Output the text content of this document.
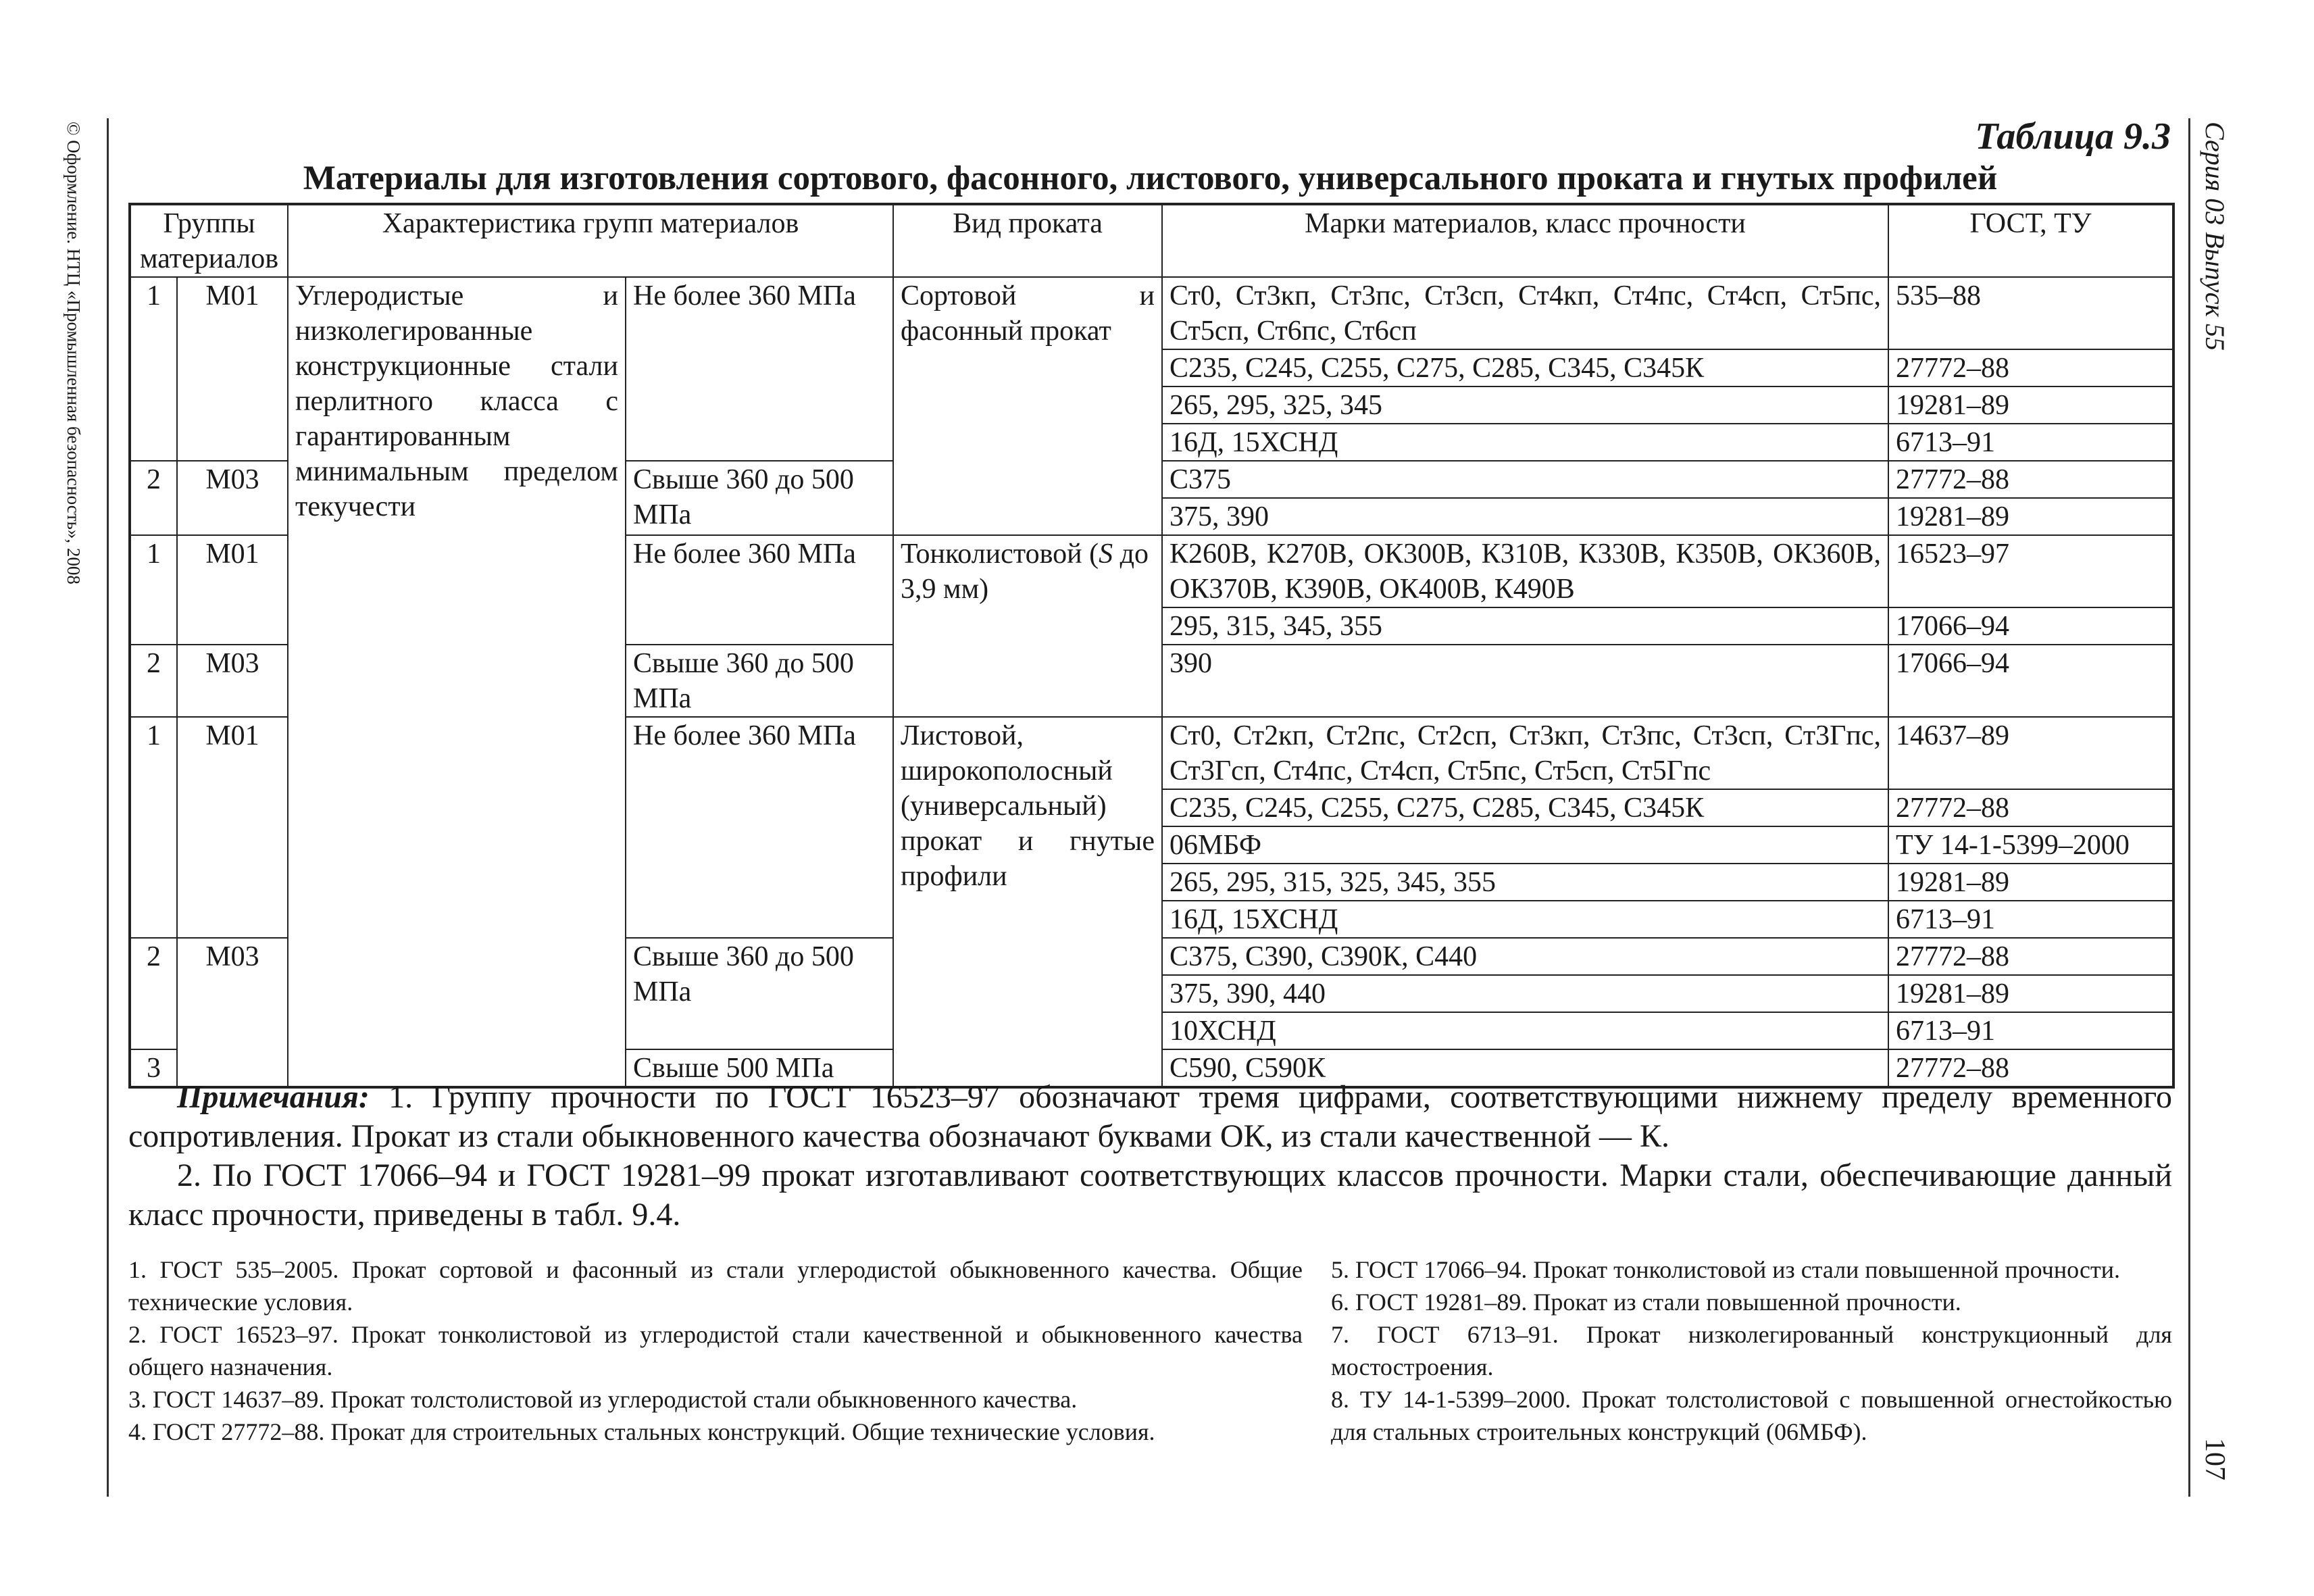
© Оформление. НТЦ «Промышленная безопасность», 2008	Серия 03 Выпуск 55
107
Таблица 9.3
Материалы для изготовления сортового, фасонного, листового, универсального проката и гнутых профилей
Группы материалов		Характеристика групп материалов		Вид проката	Марки материалов, класс прочности	ГОСТ, ТУ
1	М01	Углеродистые и низколегированные конструкционные стали перлитного класса с гарантированным минимальным пределом текучести	Не более 360 МПа	Сортовой и фасонный прокат	Ст0, Ст3кп, Ст3пс, Ст3сп, Ст4кп, Ст4пс, Ст4сп, Ст5пс, Ст5сп, Ст6пс, Ст6сп	535–88
					С235, С245, С255, С275, С285, С345, С345К	27772–88
					265, 295, 325, 345	19281–89
					16Д, 15ХСНД	6713–91
2	М03		Свыше 360 до 500 МПа		С375	27772–88
					375, 390	19281–89
1	М01		Не более 360 МПа	Тонколистовой (S до 3,9 мм)	К260В, К270В, ОК300В, К310В, К330В, К350В, ОК360В, ОК370В, К390В, ОК400В, К490В	16523–97
					295, 315, 345, 355	17066–94
2	М03		Свыше 360 до 500 МПа		390	17066–94
1	М01		Не более 360 МПа	Листовой, широкополосный (универсальный) прокат и гнутые профили	Ст0, Ст2кп, Ст2пс, Ст2сп, Ст3кп, Ст3пс, Ст3сп, Ст3Гпс, Ст3Гсп, Ст4пс, Ст4сп, Ст5пс, Ст5сп, Ст5Гпс	14637–89
					С235, С245, С255, С275, С285, С345, С345К	27772–88
					06МБФ	ТУ 14-1-5399–2000
					265, 295, 315, 325, 345, 355	19281–89
					16Д, 15ХСНД	6713–91
2	М03		Свыше 360 до 500 МПа		С375, С390, С390К, С440	27772–88
					375, 390, 440	19281–89
					10ХСНД	6713–91
3			Свыше 500 МПа		С590, С590К	27772–88

Примечания: 1. Группу прочности по ГОСТ 16523–97 обозначают тремя цифрами, соответствующими нижнему пределу временного сопротивления. Прокат из стали обыкновенного качества обозначают буквами ОК, из стали качественной — К.

2. По ГОСТ 17066–94 и ГОСТ 19281–99 прокат изготавливают соответствующих классов прочности. Марки стали, обеспечивающие данный класс прочности, приведены в табл. 9.4.

1. ГОСТ 535–2005. Прокат сортовой и фасонный из стали углеродистой обыкновенного качества. Общие технические условия.

2. ГОСТ 16523–97. Прокат тонколистовой из углеродистой стали качественной и обыкновенного качества общего назначения.

3. ГОСТ 14637–89. Прокат толстолистовой из углеродистой стали обыкновенного качества.

4. ГОСТ 27772–88. Прокат для строительных стальных конструкций. Общие технические условия.

5. ГОСТ 17066–94. Прокат тонколистовой из стали повышенной прочности.

6. ГОСТ 19281–89. Прокат из стали повышенной прочности.

7. ГОСТ 6713–91. Прокат низколегированный конструкционный для мостостроения.

8. ТУ 14-1-5399–2000. Прокат толстолистовой с повышенной огнестойкостью для стальных строительных конструкций (06МБФ).
